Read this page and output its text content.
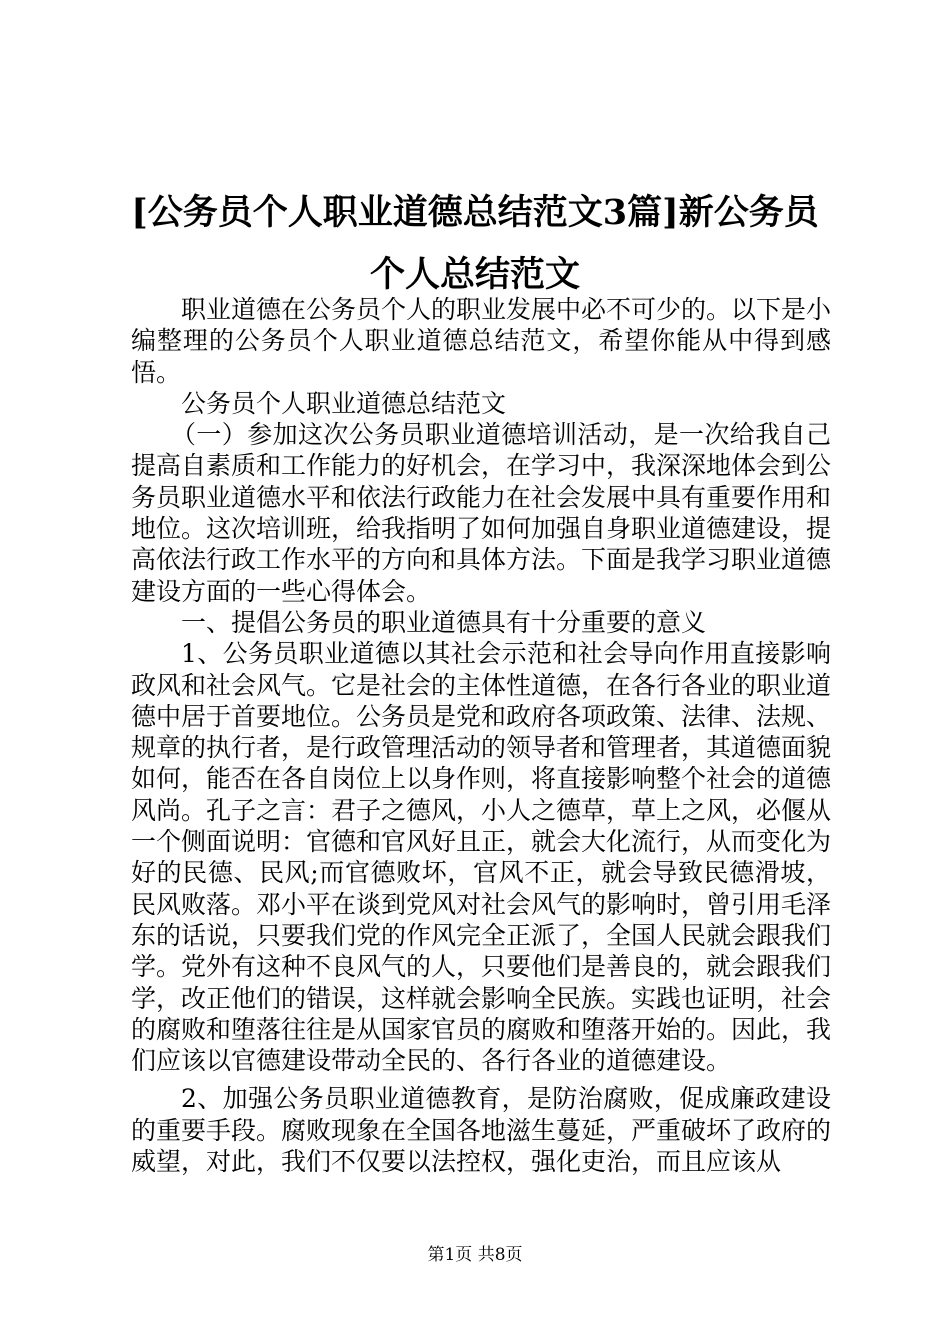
[公务员个人职业道德总结范文3篇]新公务员个人总结范文

职业道德在公务员个人的职业发展中必不可少的。以下是小编整理的公务员个人职业道德总结范文，希望你能从中得到感悟。

公务员个人职业道德总结范文

（一）参加这次公务员职业道德培训活动，是一次给我自己提高自素质和工作能力的好机会，在学习中，我深深地体会到公务员职业道德水平和依法行政能力在社会发展中具有重要作用和地位。这次培训班，给我指明了如何加强自身职业道德建设，提高依法行政工作水平的方向和具体方法。下面是我学习职业道德建设方面的一些心得体会。

一、提倡公务员的职业道德具有十分重要的意义

1、公务员职业道德以其社会示范和社会导向作用直接影响政风和社会风气。它是社会的主体性道德，在各行各业的职业道德中居于首要地位。公务员是党和政府各项政策、法律、法规、规章的执行者，是行政管理活动的领导者和管理者，其道德面貌如何，能否在各自岗位上以身作则，将直接影响整个社会的道德风尚。孔子之言：君子之德风，小人之德草，草上之风，必偃从一个侧面说明：官德和官风好且正，就会大化流行，从而变化为好的民德、民风;而官德败坏，官风不正，就会导致民德滑坡，民风败落。邓小平在谈到党风对社会风气的影响时，曾引用毛泽东的话说，只要我们党的作风完全正派了，全国人民就会跟我们学。党外有这种不良风气的人，只要他们是善良的，就会跟我们学，改正他们的错误，这样就会影响全民族。实践也证明，社会的腐败和堕落往往是从国家官员的腐败和堕落开始的。因此，我们应该以官德建设带动全民的、各行各业的道德建设。

2、加强公务员职业道德教育，是防治腐败，促成廉政建设的重要手段。腐败现象在全国各地滋生蔓延，严重破坏了政府的威望，对此，我们不仅要以法控权，强化吏治，而且应该从

第1页 共8页
